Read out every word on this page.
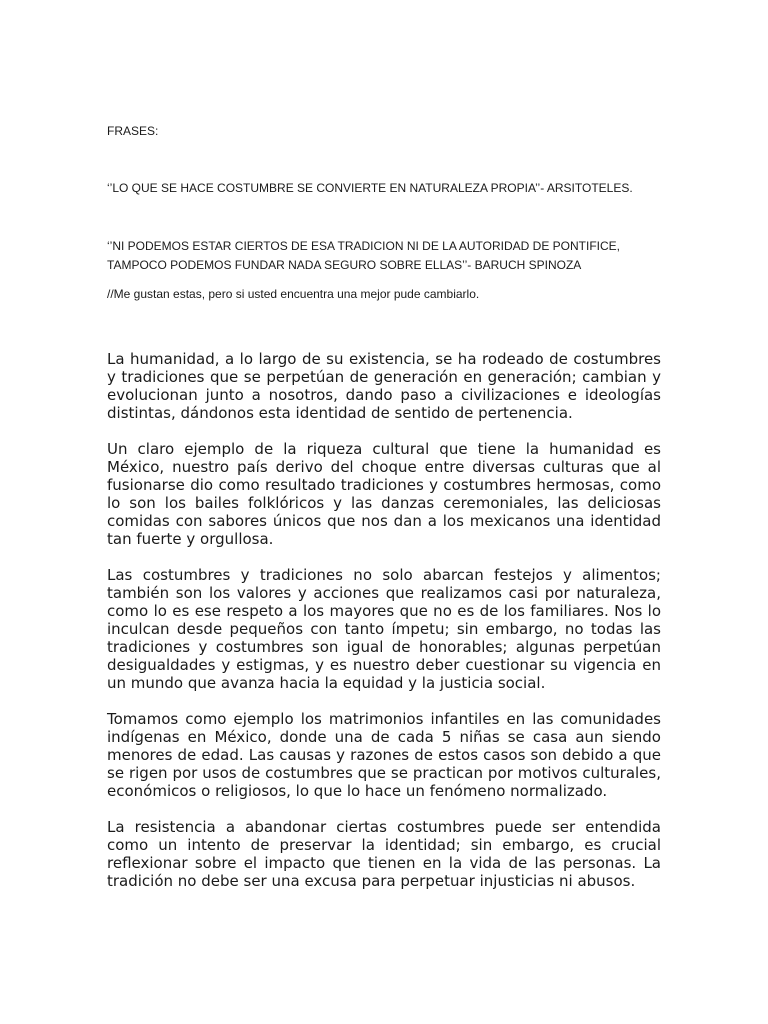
FRASES:

‘’LO QUE SE HACE COSTUMBRE SE CONVIERTE EN NATURALEZA PROPIA’’- ARSITOTELES.

‘’NI PODEMOS ESTAR CIERTOS DE ESA TRADICION NI DE LA AUTORIDAD DE PONTIFICE, TAMPOCO PODEMOS FUNDAR NADA SEGURO SOBRE ELLAS’’- BARUCH SPINOZA

//Me gustan estas, pero si usted encuentra una mejor pude cambiarlo.

La humanidad, a lo largo de su existencia, se ha rodeado de costumbres y tradiciones que se perpetúan de generación en generación; cambian y evolucionan junto a nosotros, dando paso a civilizaciones e ideologías distintas, dándonos esta identidad de sentido de pertenencia.

Un claro ejemplo de la riqueza cultural que tiene la humanidad es México, nuestro país derivo del choque entre diversas culturas que al fusionarse dio como resultado tradiciones y costumbres hermosas, como lo son los bailes folklóricos y las danzas ceremoniales, las deliciosas comidas con sabores únicos que nos dan a los mexicanos una identidad tan fuerte y orgullosa.

Las costumbres y tradiciones no solo abarcan festejos y alimentos; también son los valores y acciones que realizamos casi por naturaleza, como lo es ese respeto a los mayores que no es de los familiares. Nos lo inculcan desde pequeños con tanto ímpetu; sin embargo, no todas las tradiciones y costumbres son igual de honorables; algunas perpetúan desigualdades y estigmas, y es nuestro deber cuestionar su vigencia en un mundo que avanza hacia la equidad y la justicia social.

Tomamos como ejemplo los matrimonios infantiles en las comunidades indígenas en México, donde una de cada 5 niñas se casa aun siendo menores de edad. Las causas y razones de estos casos son debido a que se rigen por usos de costumbres que se practican por motivos culturales, económicos o religiosos, lo que lo hace un fenómeno normalizado.

La resistencia a abandonar ciertas costumbres puede ser entendida como un intento de preservar la identidad; sin embargo, es crucial reflexionar sobre el impacto que tienen en la vida de las personas. La tradición no debe ser una excusa para perpetuar injusticias ni abusos.
